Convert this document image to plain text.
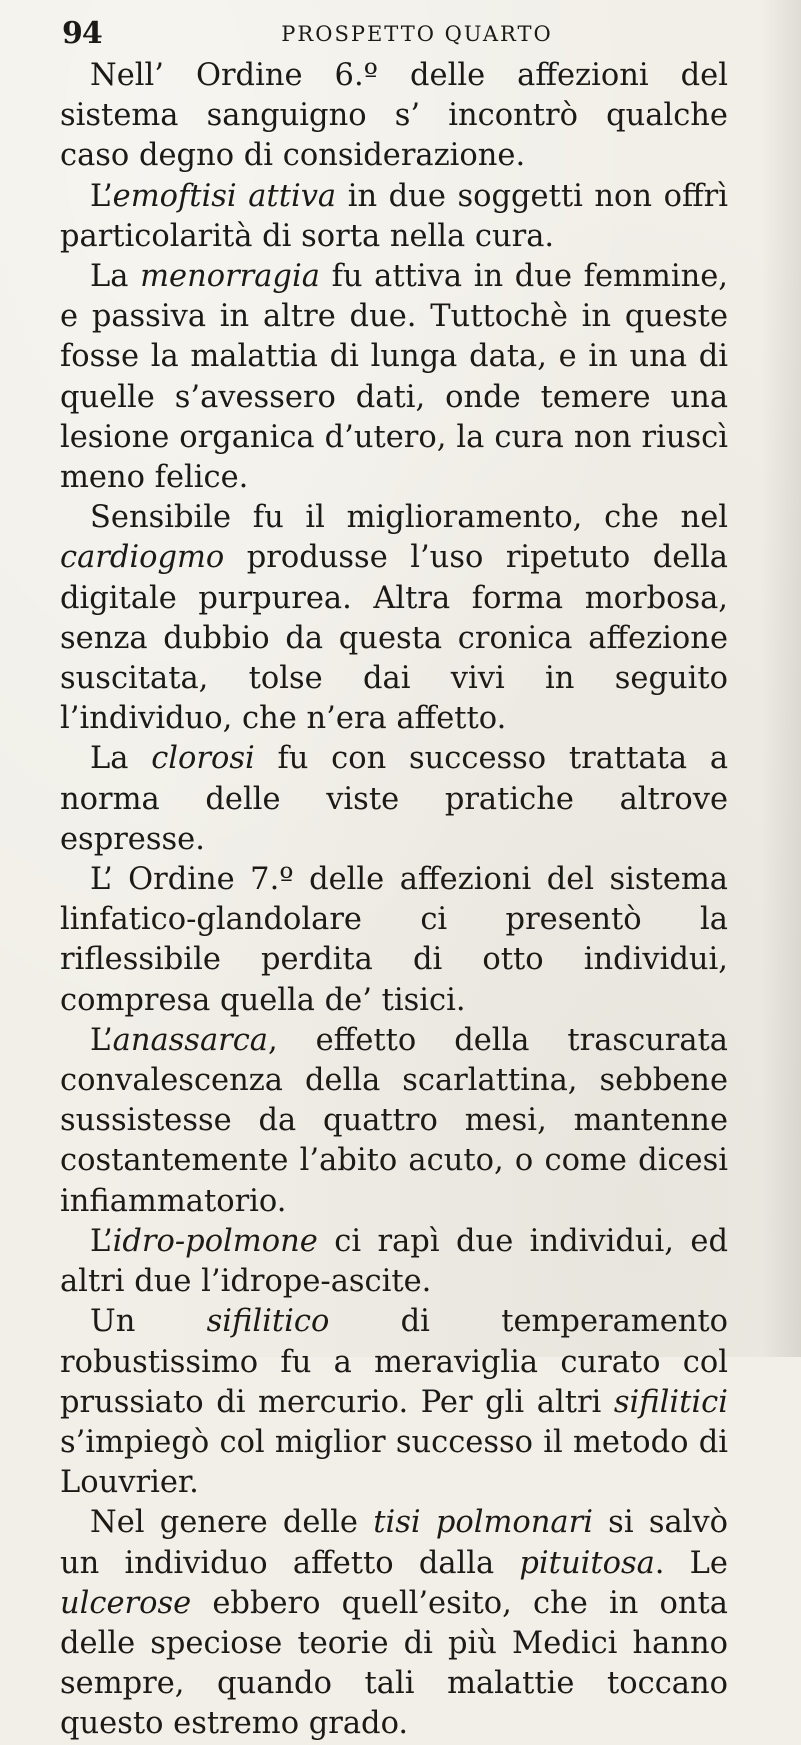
94	PROSPETTO QUARTO

Nell’ Ordine 6.º delle affezioni del sistema sanguigno s’ incontrò qualche caso degno di considerazione.

L’emoftisi attiva in due soggetti non offrì particolarità di sorta nella cura.

La menorragia fu attiva in due femmine, e passiva in altre due. Tuttochè in queste fosse la malattia di lunga data, e in una di quelle s’avessero dati, onde temere una lesione organica d’utero, la cura non riuscì meno felice.

Sensibile fu il miglioramento, che nel cardiogmo produsse l’uso ripetuto della digitale purpurea. Altra forma morbosa, senza dubbio da questa cronica affezione suscitata, tolse dai vivi in seguito l’individuo, che n’era affetto.

La clorosi fu con successo trattata a norma delle viste pratiche altrove espresse.

L’ Ordine 7.º delle affezioni del sistema linfatico-glandolare ci presentò la riflessibile perdita di otto individui, compresa quella de’ tisici.

L’anassarca, effetto della trascurata convalescenza della scarlattina, sebbene sussistesse da quattro mesi, mantenne costantemente l’abito acuto, o come dicesi infiammatorio.

L’idro-polmone ci rapì due individui, ed altri due l’idrope-ascite.

Un sifilitico di temperamento robustissimo fu a meraviglia curato col prussiato di mercurio. Per gli altri sifilitici s’impiegò col miglior successo il metodo di Louvrier.

Nel genere delle tisi polmonari si salvò un individuo affetto dalla pituitosa. Le ulcerose ebbero quell’esito, che in onta delle speciose teorie di più Medici hanno sempre, quando tali malattie toccano questo estremo grado.
